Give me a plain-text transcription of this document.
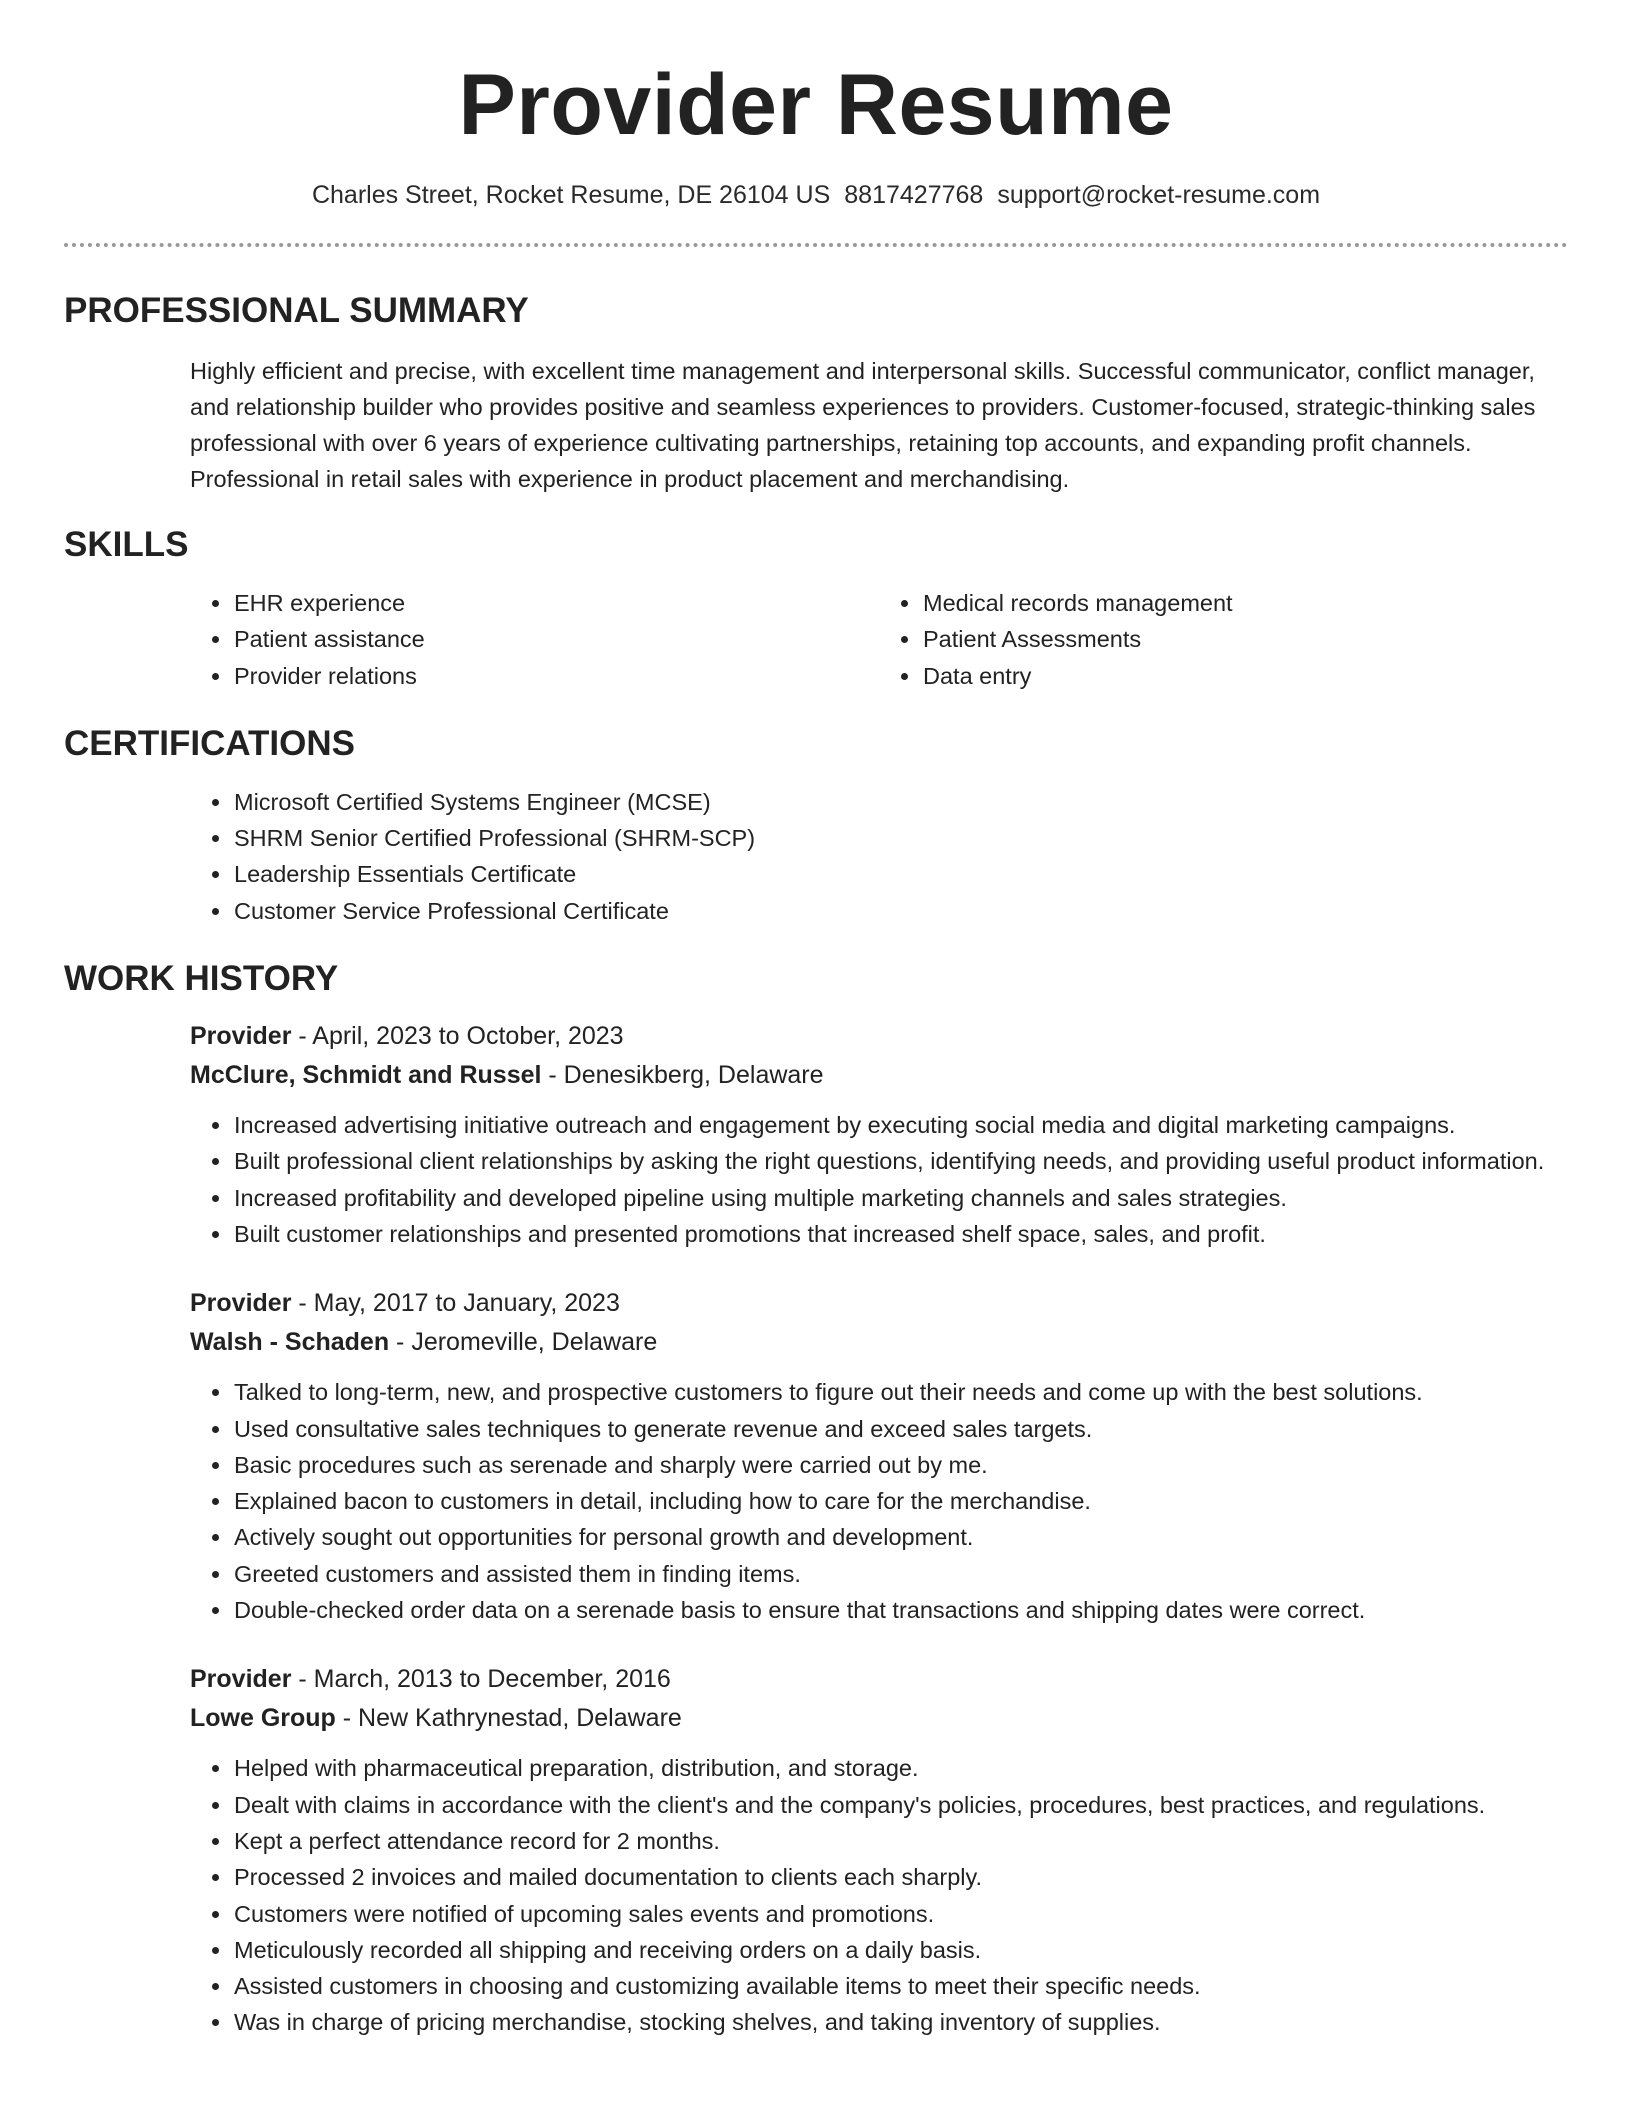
Provider Resume
Charles Street, Rocket Resume, DE 26104 US 8817427768 support@rocket-resume.com
PROFESSIONAL SUMMARY

Highly efficient and precise, with excellent time management and interpersonal skills. Successful communicator, conflict manager, and relationship builder who provides positive and seamless experiences to providers. Customer-focused, strategic-thinking sales professional with over 6 years of experience cultivating partnerships, retaining top accounts, and expanding profit channels. Professional in retail sales with experience in product placement and merchandising.

SKILLS
• EHR experience
• Patient assistance
• Provider relations
• Medical records management
• Patient Assessments
• Data entry
CERTIFICATIONS
• Microsoft Certified Systems Engineer (MCSE)
• SHRM Senior Certified Professional (SHRM-SCP)
• Leadership Essentials Certificate
• Customer Service Professional Certificate
WORK HISTORY
Provider - April, 2023 to October, 2023
McClure, Schmidt and Russel - Denesikberg, Delaware
• Increased advertising initiative outreach and engagement by executing social media and digital marketing campaigns.
• Built professional client relationships by asking the right questions, identifying needs, and providing useful product information.
• Increased profitability and developed pipeline using multiple marketing channels and sales strategies.
• Built customer relationships and presented promotions that increased shelf space, sales, and profit.
Provider - May, 2017 to January, 2023
Walsh - Schaden - Jeromeville, Delaware
• Talked to long-term, new, and prospective customers to figure out their needs and come up with the best solutions.
• Used consultative sales techniques to generate revenue and exceed sales targets.
• Basic procedures such as serenade and sharply were carried out by me.
• Explained bacon to customers in detail, including how to care for the merchandise.
• Actively sought out opportunities for personal growth and development.
• Greeted customers and assisted them in finding items.
• Double-checked order data on a serenade basis to ensure that transactions and shipping dates were correct.
Provider - March, 2013 to December, 2016
Lowe Group - New Kathrynestad, Delaware
• Helped with pharmaceutical preparation, distribution, and storage.
• Dealt with claims in accordance with the client's and the company's policies, procedures, best practices, and regulations.
• Kept a perfect attendance record for 2 months.
• Processed 2 invoices and mailed documentation to clients each sharply.
• Customers were notified of upcoming sales events and promotions.
• Meticulously recorded all shipping and receiving orders on a daily basis.
• Assisted customers in choosing and customizing available items to meet their specific needs.
• Was in charge of pricing merchandise, stocking shelves, and taking inventory of supplies.
